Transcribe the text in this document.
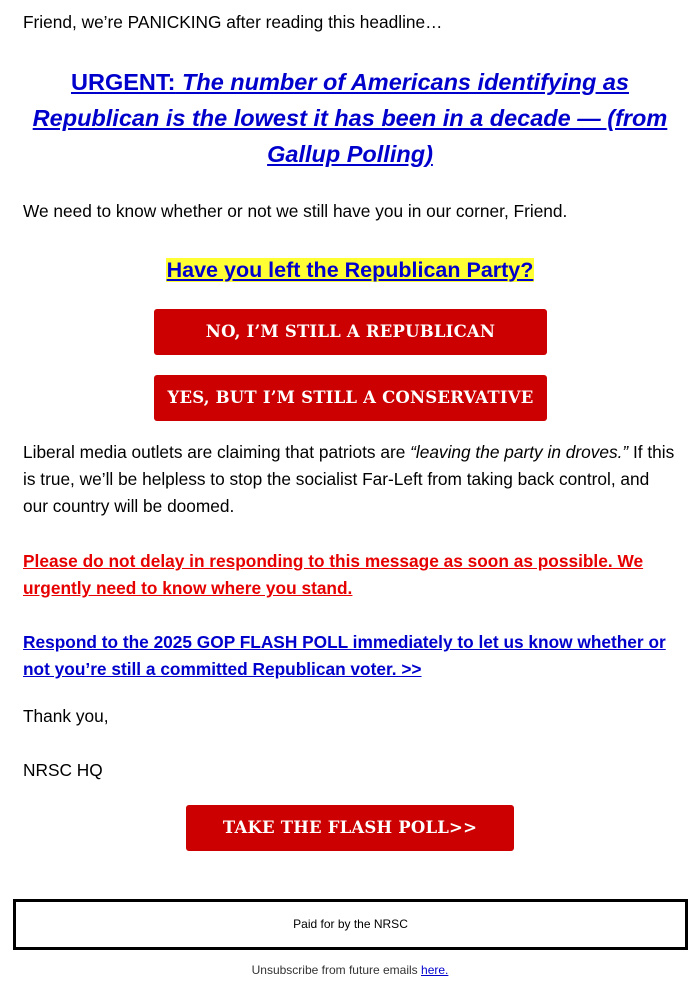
Friend, we’re PANICKING after reading this headline…

URGENT: The number of Americans identifying as Republican is the lowest it has been in a decade — (from Gallup Polling)

We need to know whether or not we still have you in our corner, Friend.

Have you left the Republican Party?

NO, I’M STILL A REPUBLICAN
YES, BUT I’M STILL A CONSERVATIVE

Liberal media outlets are claiming that patriots are “leaving the party in droves.” If this is true, we’ll be helpless to stop the socialist Far-Left from taking back control, and our country will be doomed.

Please do not delay in responding to this message as soon as possible. We urgently need to know where you stand.

Respond to the 2025 GOP FLASH POLL immediately to let us know whether or not you’re still a committed Republican voter. >>

Thank you,

NRSC HQ

TAKE THE FLASH POLL>>
Paid for by the NRSC
Unsubscribe from future emails here.
